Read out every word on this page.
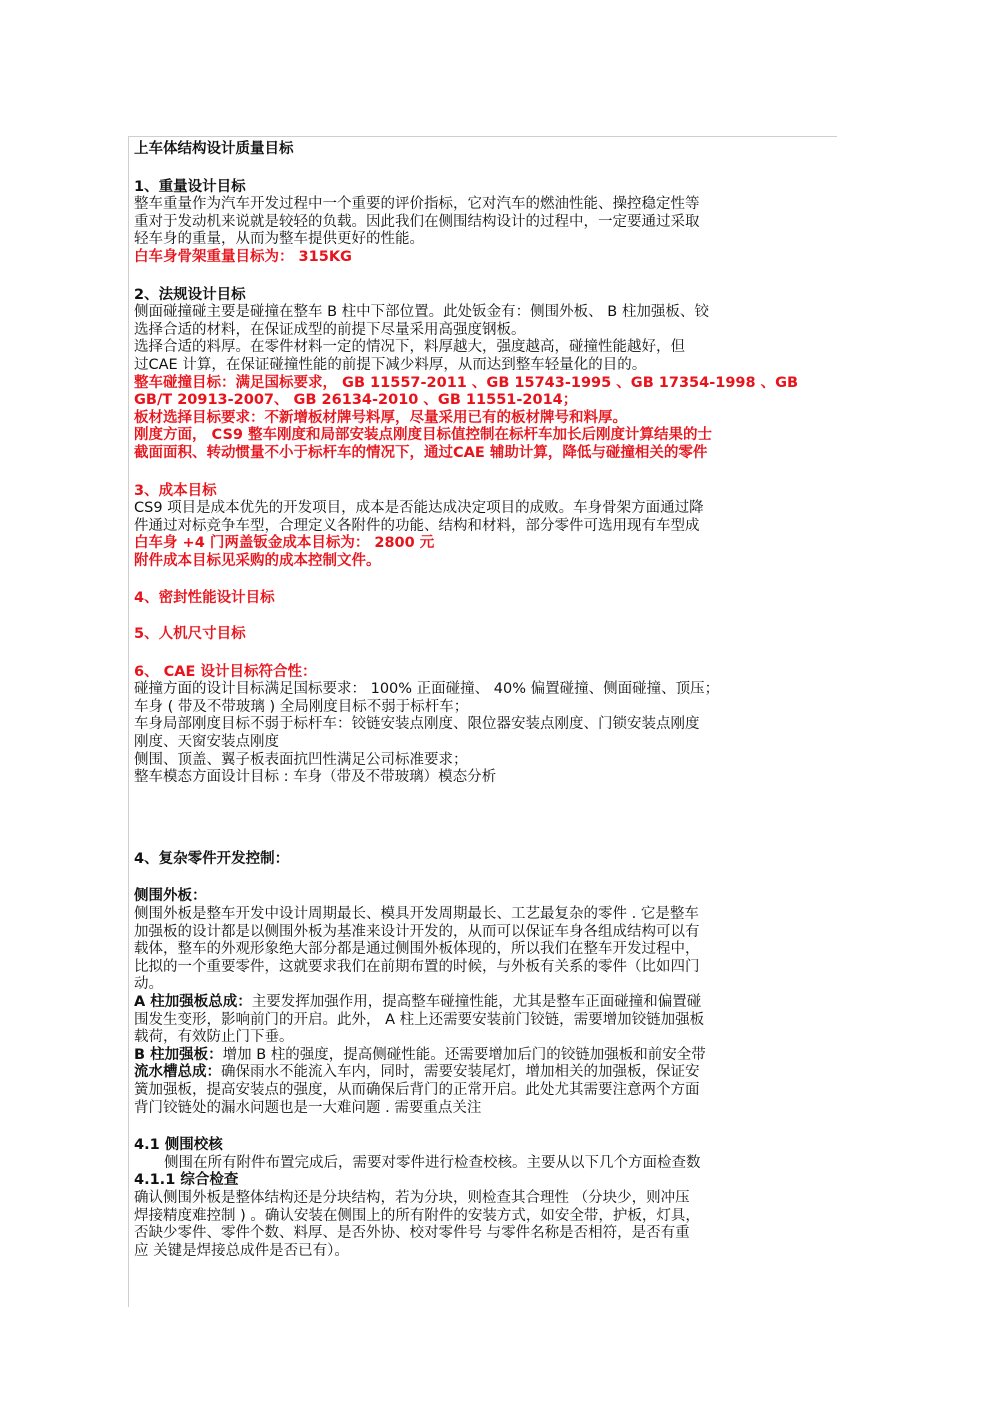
上车体结构设计质量目标
1、重量设计目标
整车重量作为汽车开发过程中一个重要的评价指标，它对汽车的燃油性能、操控稳定性等
重对于发动机来说就是较轻的负载。因此我们在侧围结构设计的过程中，一定要通过采取
轻车身的重量，从而为整车提供更好的性能。
白车身骨架重量目标为： 315KG
2、法规设计目标
侧面碰撞碰主要是碰撞在整车 B 柱中下部位置。此处钣金有：侧围外板、 B 柱加强板、铰
选择合适的材料，在保证成型的前提下尽量采用高强度钢板。
选择合适的料厚。在零件材料一定的情况下，料厚越大，强度越高，碰撞性能越好，但
过CAE 计算，在保证碰撞性能的前提下减少料厚，从而达到整车轻量化的目的。
整车碰撞目标：满足国标要求， GB 11557-2011 、GB 15743-1995 、GB 17354-1998 、GB
GB/T 20913-2007、 GB 26134-2010 、GB 11551-2014；
板材选择目标要求：不新增板材牌号料厚，尽量采用已有的板材牌号和料厚。
刚度方面， CS9 整车刚度和局部安装点刚度目标值控制在标杆车加长后刚度计算结果的士
截面面积、转动惯量不小于标杆车的情况下，通过CAE 辅助计算，降低与碰撞相关的零件
3、成本目标
CS9 项目是成本优先的开发项目，成本是否能达成决定项目的成败。车身骨架方面通过降
件通过对标竞争车型，合理定义各附件的功能、结构和材料，部分零件可选用现有车型成
白车身 +4 门两盖钣金成本目标为： 2800 元
附件成本目标见采购的成本控制文件。
4、密封性能设计目标
5、人机尺寸目标
6、 CAE 设计目标符合性：
碰撞方面的设计目标满足国标要求： 100% 正面碰撞、 40% 偏置碰撞、侧面碰撞、顶压；
车身 ( 带及不带玻璃 ) 全局刚度目标不弱于标杆车；
车身局部刚度目标不弱于标杆车：铰链安装点刚度、限位器安装点刚度、门锁安装点刚度
刚度、天窗安装点刚度
侧围、顶盖、翼子板表面抗凹性满足公司标准要求；
整车模态方面设计目标 : 车身（带及不带玻璃）模态分析
4、复杂零件开发控制：
侧围外板：
侧围外板是整车开发中设计周期最长、模具开发周期最长、工艺最复杂的零件 . 它是整车
加强板的设计都是以侧围外板为基准来设计开发的，从而可以保证车身各组成结构可以有
载体，整车的外观形象绝大部分都是通过侧围外板体现的，所以我们在整车开发过程中，
比拟的一个重要零件，这就要求我们在前期布置的时候，与外板有关系的零件（比如四门
动。
A 柱加强板总成：主要发挥加强作用，提高整车碰撞性能，尤其是整车正面碰撞和偏置碰
围发生变形，影响前门的开启。此外， A 柱上还需要安装前门铰链，需要增加铰链加强板
载荷，有效防止门下垂。
B 柱加强板：增加 B 柱的强度，提高侧碰性能。还需要增加后门的铰链加强板和前安全带
流水槽总成：确保雨水不能流入车内，同时，需要安装尾灯，增加相关的加强板，保证安
簧加强板，提高安装点的强度，从而确保后背门的正常开启。此处尤其需要注意两个方面
背门铰链处的漏水问题也是一大难问题 . 需要重点关注
4.1 侧围校核
侧围在所有附件布置完成后，需要对零件进行检查校核。主要从以下几个方面检查数
4.1.1 综合检查
确认侧围外板是整体结构还是分块结构，若为分块，则检查其合理性 （分块少，则冲压
焊接精度难控制 ) 。确认安装在侧围上的所有附件的安装方式，如安全带，护板，灯具，
否缺少零件、零件个数、料厚、是否外协、校对零件号 与零件名称是否相符，是否有重
应 关键是焊接总成件是否已有）。
